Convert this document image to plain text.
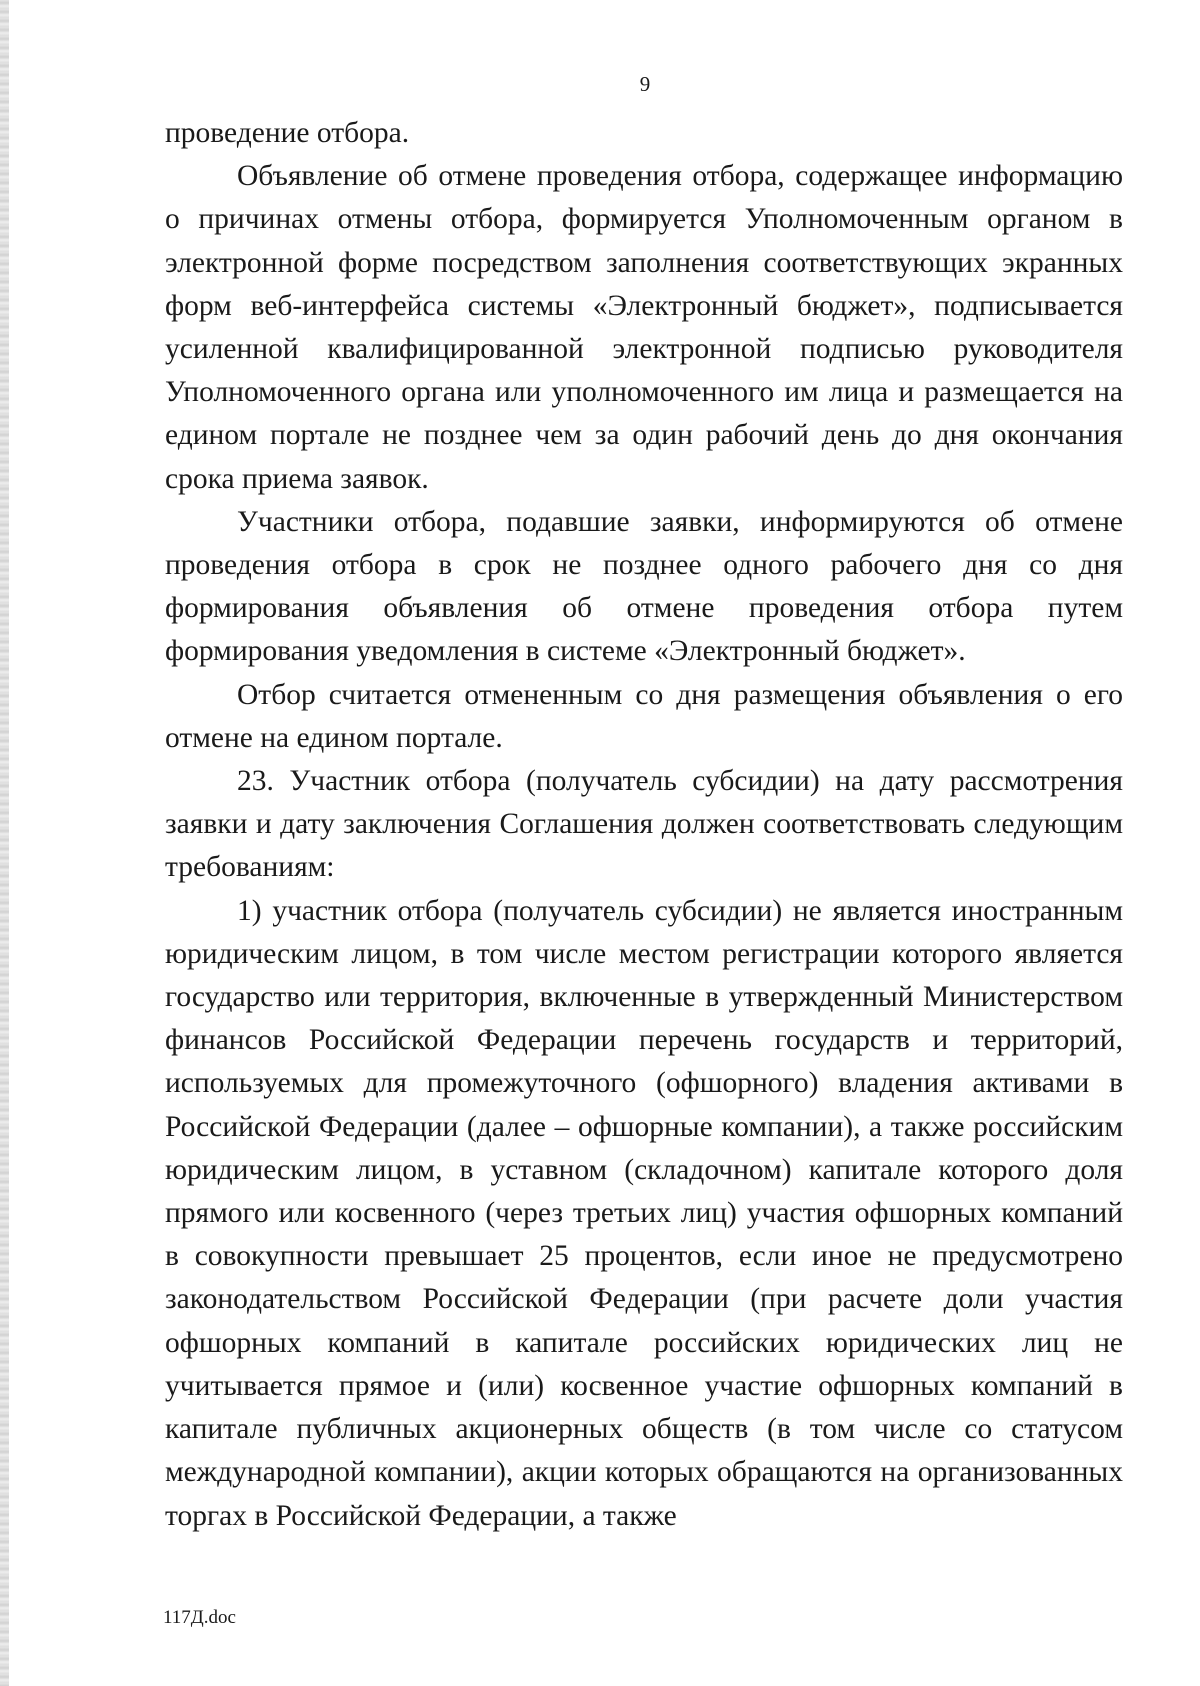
9

проведение отбора.

Объявление об отмене проведения отбора, содержащее информацию о причинах отмены отбора, формируется Уполномоченным органом в электронной форме посредством заполнения соответствующих экранных форм веб-интерфейса системы «Электронный бюджет», подписывается усиленной квалифицированной электронной подписью руководителя Уполномоченного органа или уполномоченного им лица и размещается на едином портале не позднее чем за один рабочий день до дня окончания срока приема заявок.

Участники отбора, подавшие заявки, информируются об отмене проведения отбора в срок не позднее одного рабочего дня со дня формирования объявления об отмене проведения отбора путем формирования уведомления в системе «Электронный бюджет».

Отбор считается отмененным со дня размещения объявления о его отмене на едином портале.

23. Участник отбора (получатель субсидии) на дату рассмотрения заявки и дату заключения Соглашения должен соответствовать следующим требованиям:

1) участник отбора (получатель субсидии) не является иностранным юридическим лицом, в том числе местом регистрации которого является государство или территория, включенные в утвержденный Министерством финансов Российской Федерации перечень государств и территорий, используемых для промежуточного (офшорного) владения активами в Российской Федерации (далее – офшорные компании), а также российским юридическим лицом, в уставном (складочном) капитале которого доля прямого или косвенного (через третьих лиц) участия офшорных компаний в совокупности превышает 25 процентов, если иное не предусмотрено законодательством Российской Федерации (при расчете доли участия офшорных компаний в капитале российских юридических лиц не учитывается прямое и (или) косвенное участие офшорных компаний в капитале публичных акционерных обществ (в том числе со статусом международной компании), акции которых обращаются на организованных торгах в Российской Федерации, а также

117Д.doc
